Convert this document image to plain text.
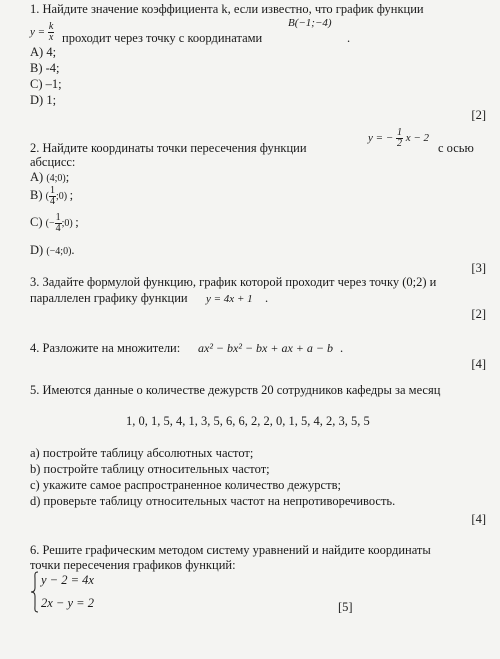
1. Найдите значение коэффициента k, если известно, что график функции
B(−1;−4)
$y = \frac{k}{x}$ проходит через точку с координатами	.
A) 4;
B) -4;
C) –1;
D) 1;
[2]
2. Найдите координаты точки пересечения функции
y = − $\frac{1}{2}$ x − 2
с осью
абсцисс:
A) (4;0);
B) ( $\frac{1}{4}$ ;0) ;
C) (− $\frac{1}{4}$ ;0) ;
D) (−4;0).
[3]
3. Задайте формулой функцию, график которой проходит через точку (0;2) и
параллелен графику функции y = 4x + 1 .
[2]
4. Разложите на множители: ax² − bx² − bx + ax + a − b .
[4]
5. Имеются данные о количестве дежурств 20 сотрудников кафедры за месяц
1, 0, 1, 5, 4, 1, 3, 5, 6, 6, 2, 2, 0, 1, 5, 4, 2, 3, 5, 5
a) постройте таблицу абсолютных частот;
b) постройте таблицу относительных частот;
c) укажите самое распространенное количество дежурств;
d) проверьте таблицу относительных частот на непротиворечивость.
[4]
6. Решите графическим методом систему уравнений и найдите координаты
точки пересечения графиков функций:
y − 2 = 4x
2x − y = 2	[5]
